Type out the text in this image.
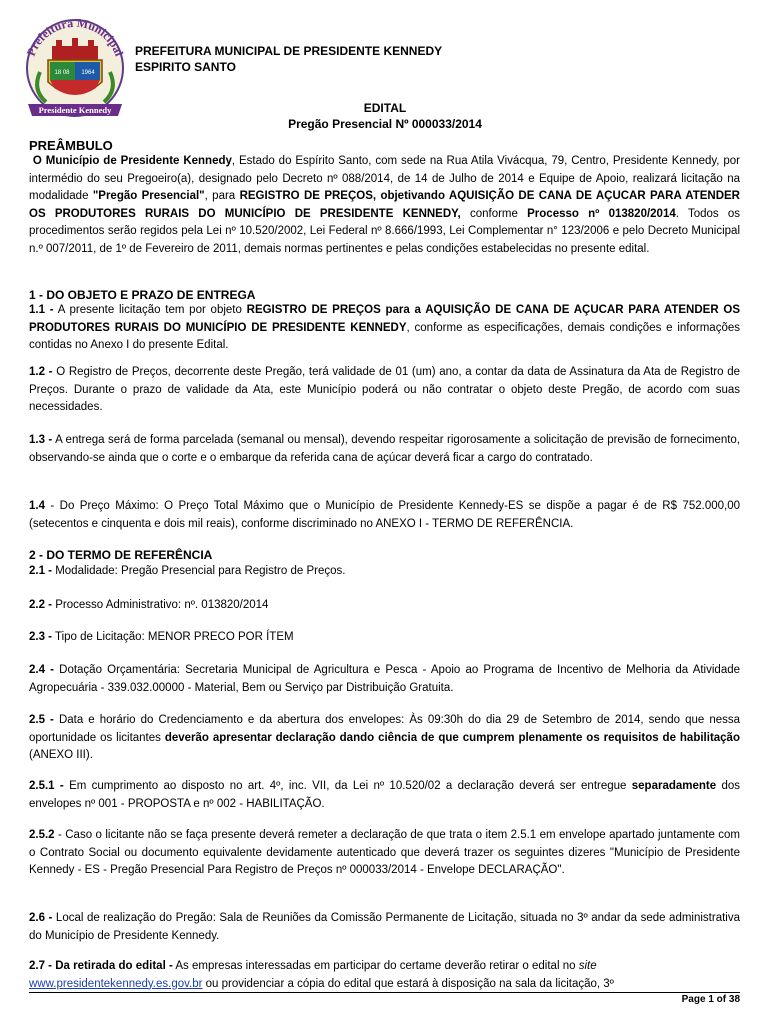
Prefeitura Municipal
18 08 1964
Presidente Kennedy
PREFEITURA MUNICIPAL DE PRESIDENTE KENNEDY
ESPIRITO SANTO
EDITAL
Pregão Presencial Nº 000033/2014
PREÂMBULO

O Município de Presidente Kennedy, Estado do Espírito Santo, com sede na Rua Atila Vivácqua, 79, Centro, Presidente Kennedy, por intermédio do seu Pregoeiro(a), designado pelo Decreto nº 088/2014, de 14 de Julho de 2014 e Equipe de Apoio, realizará licitação na modalidade "Pregão Presencial", para REGISTRO DE PREÇOS, objetivando AQUISIÇÃO DE CANA DE AÇUCAR PARA ATENDER OS PRODUTORES RURAIS DO MUNICÍPIO DE PRESIDENTE KENNEDY, conforme Processo nº 013820/2014. Todos os procedimentos serão regidos pela Lei nº 10.520/2002, Lei Federal nº 8.666/1993, Lei Complementar n° 123/2006 e pelo Decreto Municipal n.º 007/2011, de 1º de Fevereiro de 2011, demais normas pertinentes e pelas condições estabelecidas no presente edital.

1 - DO OBJETO E PRAZO DE ENTREGA

1.1 - A presente licitação tem por objeto REGISTRO DE PREÇOS para a AQUISIÇÃO DE CANA DE AÇUCAR PARA ATENDER OS PRODUTORES RURAIS DO MUNICÍPIO DE PRESIDENTE KENNEDY, conforme as especificações, demais condições e informações contidas no Anexo I do presente Edital.

1.2 - O Registro de Preços, decorrente deste Pregão, terá validade de 01 (um) ano, a contar da data de Assinatura da Ata de Registro de Preços. Durante o prazo de validade da Ata, este Município poderá ou não contratar o objeto deste Pregão, de acordo com suas necessidades.

1.3 - A entrega será de forma parcelada (semanal ou mensal), devendo respeitar rigorosamente a solicitação de previsão de fornecimento, observando-se ainda que o corte e o embarque da referida cana de açúcar deverá ficar a cargo do contratado.

1.4 - Do Preço Máximo: O Preço Total Máximo que o Município de Presidente Kennedy-ES se dispõe a pagar é de R$ 752.000,00 (setecentos e cinquenta e dois mil reais), conforme discriminado no ANEXO I - TERMO DE REFERÊNCIA.

2 - DO TERMO DE REFERÊNCIA

2.1 - Modalidade: Pregão Presencial para Registro de Preços.

2.2 - Processo Administrativo: nº. 013820/2014

2.3 - Tipo de Licitação: MENOR PRECO POR ÍTEM

2.4 - Dotação Orçamentária: Secretaria Municipal de Agricultura e Pesca - Apoio ao Programa de Incentivo de Melhoria da Atividade Agropecuária - 339.032.00000 - Material, Bem ou Serviço par Distribuição Gratuita.

2.5 - Data e horário do Credenciamento e da abertura dos envelopes: Às 09:30h do dia 29 de Setembro de 2014, sendo que nessa oportunidade os licitantes deverão apresentar declaração dando ciência de que cumprem plenamente os requisitos de habilitação (ANEXO III).

2.5.1 - Em cumprimento ao disposto no art. 4º, inc. VII, da Lei nº 10.520/02 a declaração deverá ser entregue separadamente dos envelopes nº 001 - PROPOSTA e nº 002 - HABILITAÇÃO.

2.5.2 - Caso o licitante não se faça presente deverá remeter a declaração de que trata o item 2.5.1 em envelope apartado juntamente com o Contrato Social ou documento equivalente devidamente autenticado que deverá trazer os seguintes dizeres "Município de Presidente Kennedy - ES - Pregão Presencial Para Registro de Preços nº 000033/2014 - Envelope DECLARAÇÃO".

2.6 - Local de realização do Pregão: Sala de Reuniões da Comissão Permanente de Licitação, situada no 3º andar da sede administrativa do Município de Presidente Kennedy.

2.7 - Da retirada do edital - As empresas interessadas em participar do certame deverão retirar o edital no site
www.presidentekennedy.es.gov.br ou providenciar a cópia do edital que estará à disposição na sala da licitação, 3º

Page 1 of 38
